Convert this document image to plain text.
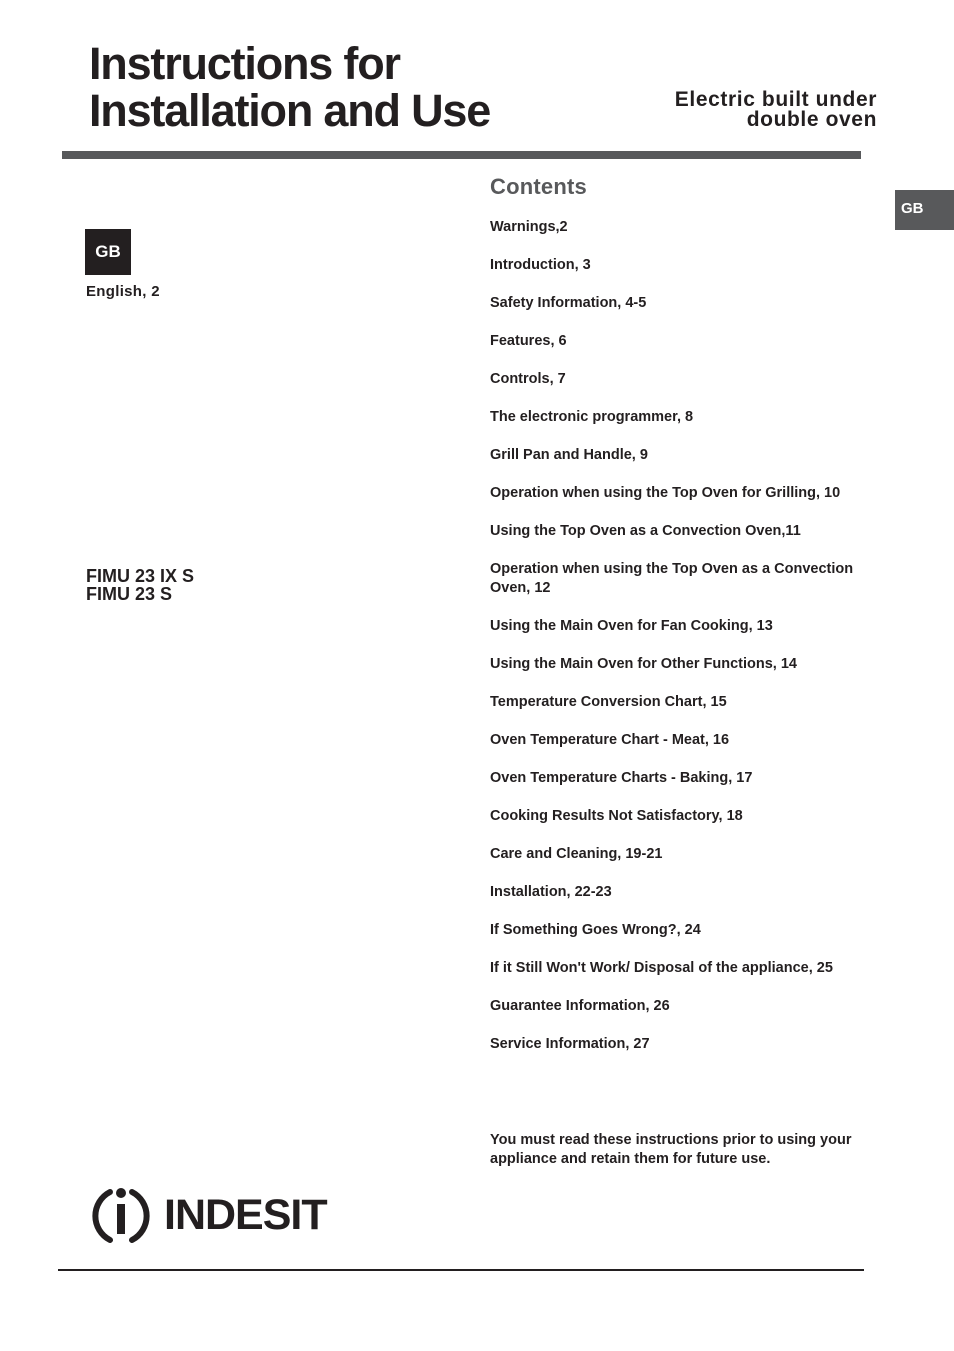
Instructions for
Installation and Use	Electric built under
double oven
GB
GB
English, 2
FIMU 23 IX S
FIMU 23 S
Contents
Warnings,2
Introduction, 3
Safety Information, 4-5
Features, 6
Controls, 7
The electronic programmer, 8
Grill Pan and Handle, 9
Operation when using the Top Oven for Grilling, 10
Using the Top Oven as a Convection Oven,11
Operation when using the Top Oven as a Convection Oven, 12
Using the Main Oven for Fan Cooking, 13
Using the Main Oven for Other Functions, 14
Temperature Conversion Chart, 15
Oven Temperature Chart - Meat, 16
Oven Temperature Charts - Baking, 17
Cooking Results Not Satisfactory, 18
Care and Cleaning, 19-21
Installation, 22-23
If Something Goes Wrong?, 24
If it Still Won't Work/ Disposal of the appliance, 25
Guarantee Information, 26
Service Information, 27
You must read these instructions prior to using your appliance and retain them for future use.
INDESIT
